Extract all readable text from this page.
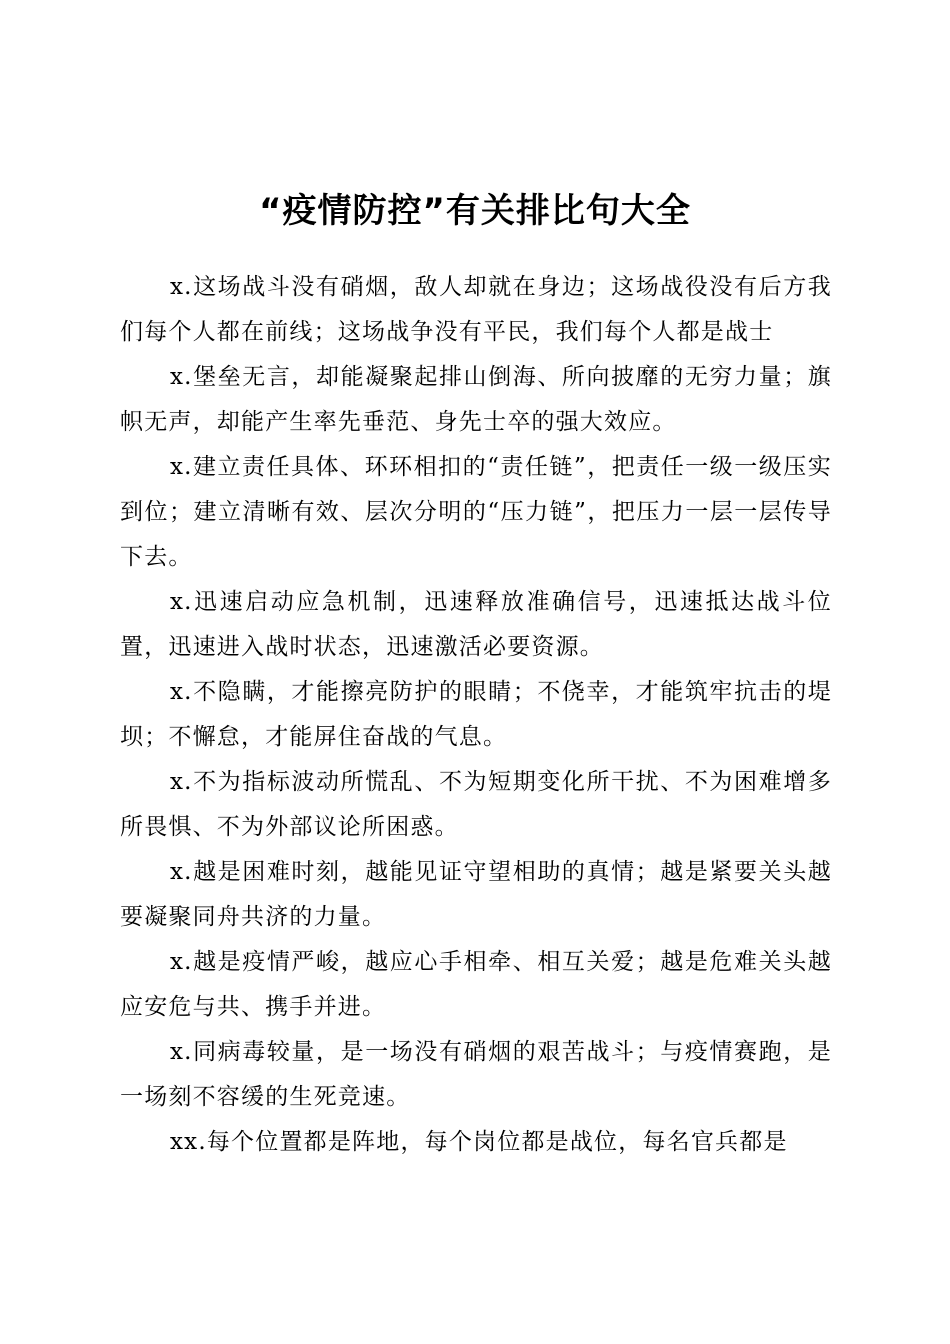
“疫情防控”有关排比句大全

x.这场战斗没有硝烟，敌人却就在身边；这场战役没有后方我们每个人都在前线；这场战争没有平民，我们每个人都是战士

x.堡垒无言，却能凝聚起排山倒海、所向披靡的无穷力量；旗帜无声，却能产生率先垂范、身先士卒的强大效应。

x.建立责任具体、环环相扣的“责任链”，把责任一级一级压实到位；建立清晰有效、层次分明的“压力链”，把压力一层一层传导下去。

x.迅速启动应急机制，迅速释放准确信号，迅速抵达战斗位置，迅速进入战时状态，迅速激活必要资源。

x.不隐瞒，才能擦亮防护的眼睛；不侥幸，才能筑牢抗击的堤坝；不懈怠，才能屏住奋战的气息。

x.不为指标波动所慌乱、不为短期变化所干扰、不为困难增多所畏惧、不为外部议论所困惑。

x.越是困难时刻，越能见证守望相助的真情；越是紧要关头越要凝聚同舟共济的力量。

x.越是疫情严峻，越应心手相牵、相互关爱；越是危难关头越应安危与共、携手并进。

x.同病毒较量，是一场没有硝烟的艰苦战斗；与疫情赛跑，是一场刻不容缓的生死竞速。

xx.每个位置都是阵地，每个岗位都是战位，每名官兵都是
